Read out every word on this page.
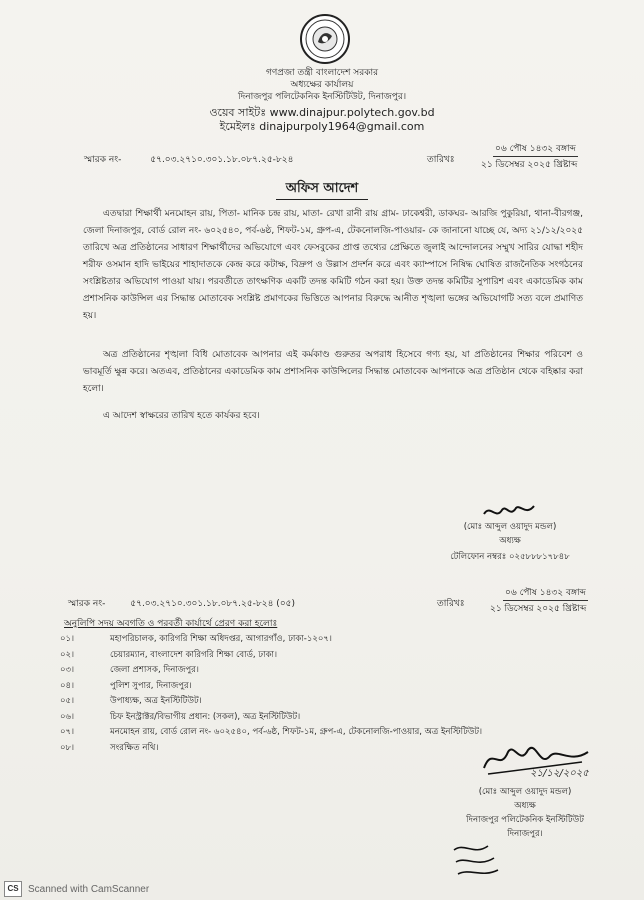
গণপ্রজা তন্ত্রী বাংলাদেশ সরকার
অধ্যক্ষের কার্যালয়
দিনাজপুর পলিটেকনিক ইনস্টিটিউট, দিনাজপুর।
ওয়েব সাইটঃ www.dinajpur.polytech.gov.bd
ইমেইলঃ dinajpurpoly1964@gmail.com
স্মারক নং-	৫৭.০৩.২৭১০.৩০১.১৮.০৮৭.২৫-৮২৪	তারিখঃ
০৬ পৌষ ১৪৩২ বঙ্গাব্দ
২১ ডিসেম্বর ২০২৫ খ্রিষ্টাব্দ
অফিস আদেশ
এতদ্বারা শিক্ষার্থী মনমোহন রায়, পিতা- মানিক চন্দ্র রায়, মাতা- রেখা রানী রায় গ্রাম- ঢাকেশ্বরী, ডাকঘর- আরজি পুকুরিয়া, থানা-বীরগঞ্জ, জেলা দিনাজপুর, বোর্ড রোল নং- ৬০২৫৪০, পর্ব-৬ষ্ঠ, শিফট-১ম, গ্রুপ-এ, টেকনোলজি-পাওয়ার- কে জানানো যাচ্ছে যে, অদ্য ২১/১২/২০২৫ তারিখে অত্র প্রতিষ্ঠানের সাধারণ শিক্ষার্থীদের অভিযোগে এবং ফেসবুকের প্রাপ্ত তথ্যের প্রেক্ষিতে জুলাই আন্দোলনের সম্মুখ সারির যোদ্ধা শহীদ শরীফ ওসমান হাদি ভাইয়ের শাহাদাতকে কেন্দ্র করে কটাক্ষ, বিদ্রুপ ও উল্লাস প্রদর্শন করে এবং ক্যাম্পাসে নিষিদ্ধ ঘোষিত রাজনৈতিক সংগঠনের সংশ্লিষ্টতার অভিযোগ পাওয়া যায়। পরবর্তীতে তাৎক্ষণিক একটি তদন্ত কমিটি গঠন করা হয়। উক্ত তদন্ত কমিটির সুপারিশ এবং একাডেমিক কাম প্রশাসনিক কাউন্সিল এর সিদ্ধান্ত মোতাবেক সংশ্লিষ্ট প্রমাণকের ভিত্তিতে আপনার বিরুদ্ধে আনীত শৃঙ্খলা ভঙ্গের অভিযোগটি সত্য বলে প্রমাণিত হয়।
অত্র প্রতিষ্ঠানের শৃঙ্খলা বিধি মোতাবেক আপনার এই কর্মকাণ্ড গুরুতর অপরাধ হিসেবে গণ্য হয়, যা প্রতিষ্ঠানের শিক্ষার পরিবেশ ও ভাবমূর্তি ক্ষুন্ন করে। অতএব, প্রতিষ্ঠানের একাডেমিক কাম প্রশাসনিক কাউন্সিলের সিদ্ধান্ত মোতাবেক আপনাকে অত্র প্রতিষ্ঠান থেকে বহিষ্কার করা হলো।
এ আদেশ স্বাক্ষরের তারিখ হতে কার্যকর হবে।
(মোঃ আব্দুল ওয়াদুদ মন্ডল)
অধ্যক্ষ
টেলিফোন নম্বরঃ ০২৫৮৮৮১৭৮৪৮
স্মারক নং-	৫৭.০৩.২৭১০.৩০১.১৮.০৮৭.২৫-৮২৪ (০৫)	তারিখঃ
০৬ পৌষ ১৪৩২ বঙ্গাব্দ
২১ ডিসেম্বর ২০২৫ খ্রিষ্টাব্দ
অনুলিপি সদয় অবগতি ও পরবর্তী কার্যার্থে প্রেরণ করা হলোঃ
০১।	মহাপরিচালক, কারিগরি শিক্ষা অধিদপ্তর, আগারগাঁও, ঢাকা-১২০৭।
০২।	চেয়ারম্যান, বাংলাদেশ কারিগরি শিক্ষা বোর্ড, ঢাকা।
০৩।	জেলা প্রশাসক, দিনাজপুর।
০৪।	পুলিশ সুপার, দিনাজপুর।
০৫।	উপাধ্যক্ষ, অত্র ইনস্টিটিউট।
০৬।	চিফ ইনস্ট্রাক্টর/বিভাগীয় প্রধান: (সকল), অত্র ইনস্টিটিউট।
০৭।	মনমোহন রায়, বোর্ড রোল নং- ৬০২৫৪০, পর্ব-৬ষ্ঠ, শিফট-১ম, গ্রুপ-এ, টেকনোলজি-পাওয়ার, অত্র ইনস্টিটিউট।
০৮।	সংরক্ষিত নথি।
২১/১২/২০২৫
(মোঃ আব্দুল ওয়াদুদ মন্ডল)
অধ্যক্ষ
দিনাজপুর পলিটেকনিক ইনস্টিটিউট
দিনাজপুর।
CS Scanned with CamScanner
